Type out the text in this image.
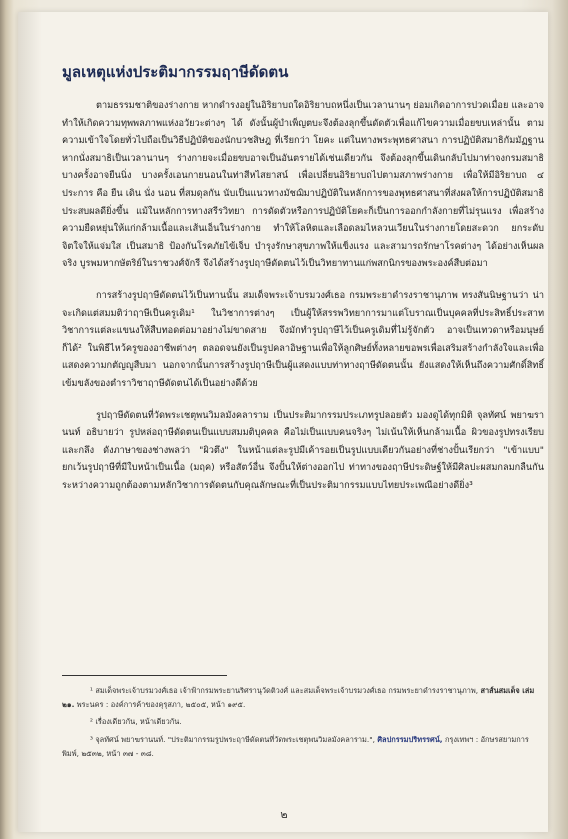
มูลเหตุแห่งประติมากรรมฤาษีดัดตน

ตามธรรมชาติของร่างกาย หากดำรงอยู่ในอิริยาบถใดอิริยาบถหนึ่งเป็นเวลานานๆ ย่อมเกิดอาการปวดเมื่อย และอาจทำให้เกิดความทุพพลภาพแห่งอวัยวะต่างๆ ได้ ดังนั้นผู้บำเพ็ญตบะจึงต้องลุกขึ้นดัดตัวเพื่อแก้ไขความเมื่อยขบเหล่านั้น ตามความเข้าใจโดยทั่วไปถือเป็นวิธีปฏิบัติของนักบวชสิษฎ ที่เรียกว่า โยคะ แต่ในทางพระพุทธศาสนา การปฏิบัติสมาธิกัมมัฏฐาน หากนั่งสมาธิเป็นเวลานานๆ ร่างกายจะเมื่อยขบอาจเป็นอันตรายได้เช่นเดียวกัน จึงต้องลุกขึ้นเดินกลับไปมาท่าจงกรมสมาธิ บางครั้งอาจยืนนิ่ง บางครั้งเอนกายนอนในท่าสีหไสยาสน์ เพื่อเปลี่ยนอิริยาบถไปตามสภาพร่างกาย เพื่อให้มีอิริยาบถ ๔ ประการ คือ ยืน เดิน นั่ง นอน ที่สมดุลกัน นับเป็นแนวทางมัชฌิมาปฏิบัติในหลักการของพุทธศาสนาที่ส่งผลให้การปฏิบัติสมาธิประสบผลดียิ่งขึ้น แม้ในหลักการทางสรีรวิทยา การดัดตัวหรือการปฏิบัติโยคะก็เป็นการออกกำลังกายที่ไม่รุนแรง เพื่อสร้างความยืดหยุ่นให้แก่กล้ามเนื้อและเส้นเอ็นในร่างกาย ทำให้โลหิตและเลือดลมไหลวนเวียนในร่างกายโดยสะดวก ยกระดับจิตใจให้แจ่มใส เป็นสมาธิ ป้องกันโรคภัยไข้เจ็บ บำรุงรักษาสุขภาพให้แข็งแรง และสามารถรักษาโรคต่างๆ ได้อย่างเห็นผลจริง บูรพมหากษัตริย์ในราชวงศ์จักรี จึงได้สร้างรูปฤาษีดัดตนไว้เป็นวิทยาทานแก่พสกนิกรของพระองค์สืบต่อมา

การสร้างรูปฤาษีดัดตนไว้เป็นทานนั้น สมเด็จพระเจ้าบรมวงศ์เธอ กรมพระยาดำรงราชานุภาพ ทรงสันนิษฐานว่า น่าจะเกิดแต่สมมติว่าฤาษีเป็นครูเดิม¹ ในวิชาการต่างๆ เป็นผู้ให้สรรพวิทยาการมาแต่โบราณเป็นบุคคลที่ประสิทธิ์ประสาทวิชาการแต่ละแขนงให้สืบทอดต่อมาอย่างไม่ขาดสาย จึงมักทำรูปฤาษีไว้เป็นครูเดิมที่ไม่รู้จักตัว อาจเป็นเทวดาหรือมนุษย์ก็ได้² ในพิธีไหว้ครูของอาชีพต่างๆ ตลอดจนยังเป็นรูปคลาอิษฐานเพื่อให้ลูกศิษย์ทั้งหลายขอพรเพื่อเสริมสร้างกำลังใจและเพื่อแสดงความกตัญญูสืบมา นอกจากนั้นการสร้างรูปฤาษีเป็นผู้แสดงแบบท่าทางฤาษีดัดตนนั้น ยังแสดงให้เห็นถึงความศักดิ์สิทธิ์เข้มขลังของตำราวิชาฤาษีดัดตนได้เป็นอย่างดีด้วย

รูปฤาษีดัดตนที่วัดพระเชตุพนวิมลมังคลาราม เป็นประติมากรรมประเภทรูปลอยตัว มองดูได้ทุกมิติ จุลทัศน์ พยาฆรานนท์ อธิบายว่า รูปหล่อฤาษีดัดตนเป็นแบบสมมติบุคคล คือไม่เป็นแบบคนจริงๆ ไม่เน้นให้เห็นกล้ามเนื้อ ผิวของรูปทรงเรียบและกลึง ดังภาษาของช่างพลว่า "ผิวตึง" ในหน้าแต่ละรูปมีเค้ารอยเป็นรูปแบบเดียวกันอย่างที่ช่างปั้นเรียกว่า "เข้าแบบ" ยกเว้นรูปฤาษีที่มีใบหน้าเป็นเนื้อ (มฤค) หรือสัตว์อื่น จึงปั้นให้ต่างออกไป ท่าทางของฤาษีประดิษฐ์ให้มีศิลปะผสมกลมกลืนกัน ระหว่างความถูกต้องตามหลักวิชาการดัดตนกับคุณลักษณะที่เป็นประติมากรรมแบบไทยประเพณีอย่างดียิ่ง³

¹ สมเด็จพระเจ้าบรมวงศ์เธอ เจ้าฟ้ากรมพระยานริศรานุวัดติวงศ์ และสมเด็จพระเจ้าบรมวงศ์เธอ กรมพระยาดำรงราชานุภาพ, สาส์นสมเด็จ เล่ม ๒๑. พระนคร : องค์การค้าของคุรุสภา, ๒๕๐๕, หน้า ๑๙๕.

² เรื่องเดียวกัน, หน้าเดียวกัน.

³ จุลทัศน์ พยาฆรานนท์. "ประติมากรรมรูปพระฤาษีดัดตนที่วัดพระเชตุพนวิมลมังคลาราม.", ศิลปกรรมปริทรรศน์, กรุงเทพฯ : อักษรสยามการพิมพ์, ๒๕๓๒, หน้า ๓๗ - ๓๘.

๒
